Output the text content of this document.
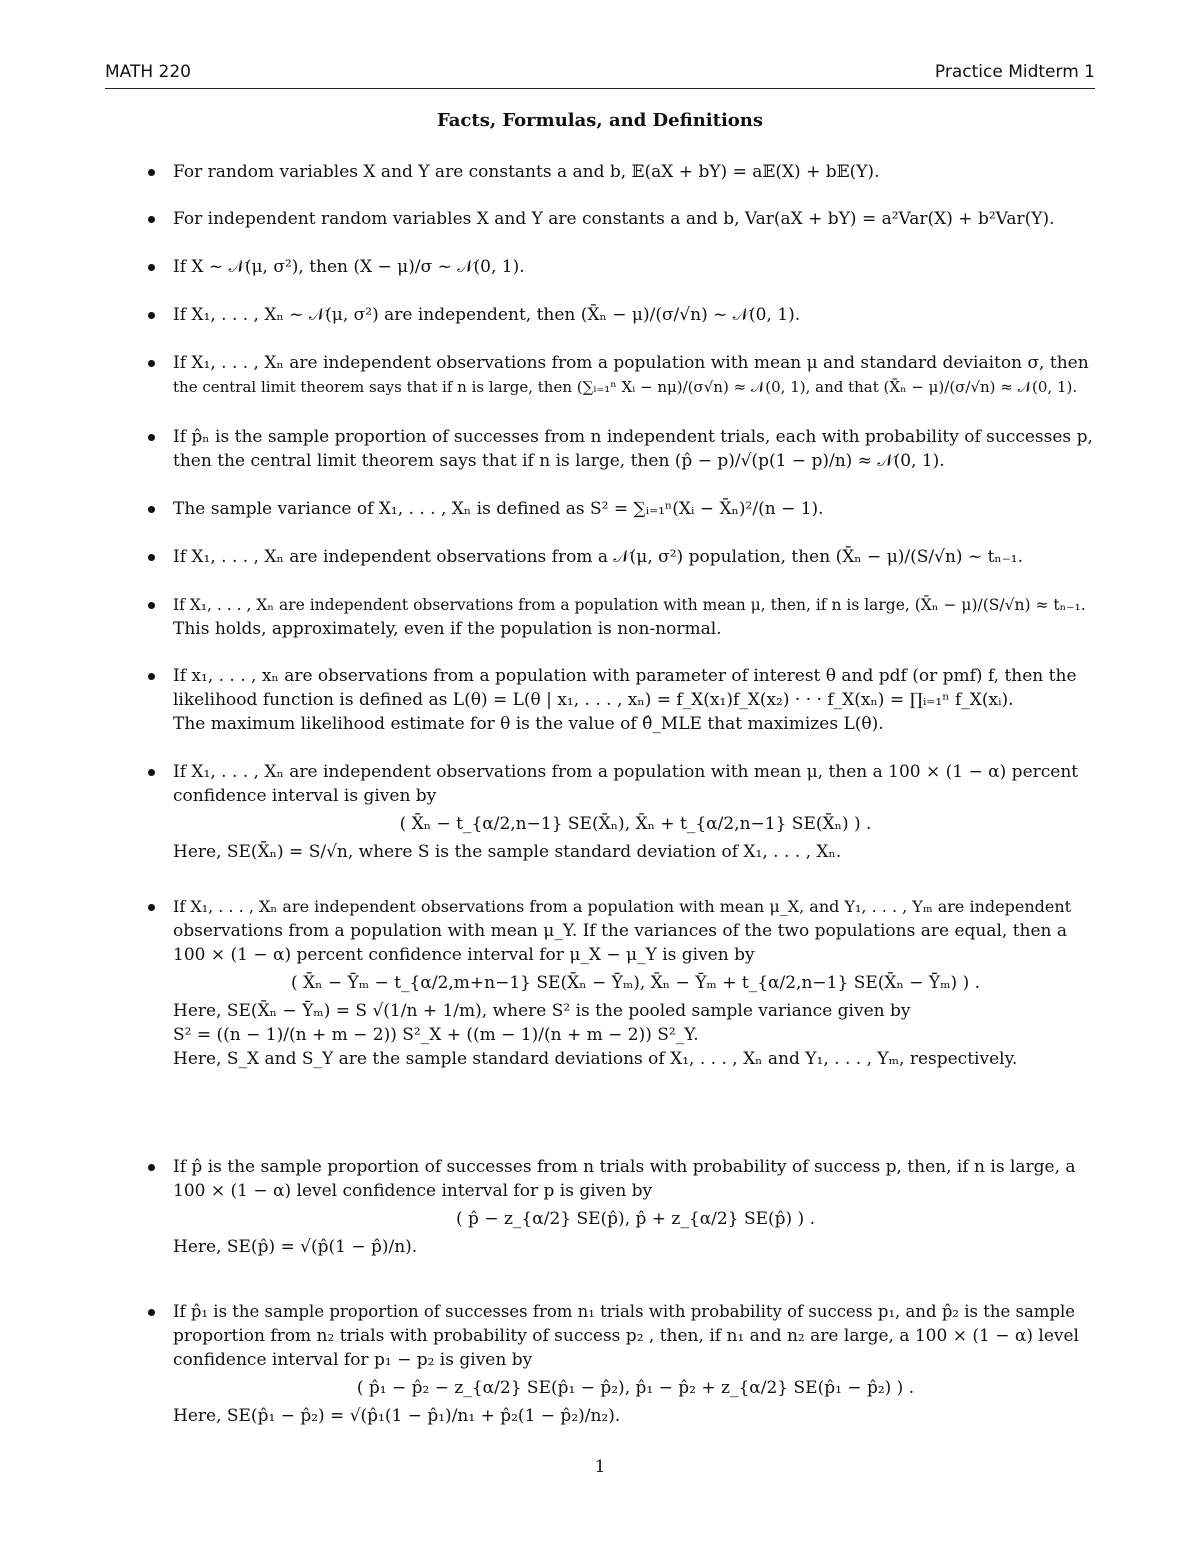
MATH 220	Practice Midterm 1
Facts, Formulas, and Definitions
For random variables X and Y are constants a and b, 𝔼(aX + bY) = a𝔼(X) + b𝔼(Y).
For independent random variables X and Y are constants a and b, Var(aX + bY) = a²Var(X) + b²Var(Y).
If X ~ 𝒩(μ, σ²), then (X − μ)/σ ~ 𝒩(0, 1).
If X₁, . . . , Xₙ ~ 𝒩(μ, σ²) are independent, then (X̄ₙ − μ)/(σ/√n) ~ 𝒩(0, 1).
If X₁, . . . , Xₙ are independent observations from a population with mean μ and standard deviaiton σ, then
the central limit theorem says that if n is large, then (∑ᵢ₌₁ⁿ Xᵢ − nμ)/(σ√n) ≈ 𝒩(0, 1), and that (X̄ₙ − μ)/(σ/√n) ≈ 𝒩(0, 1).
If p̂ₙ is the sample proportion of successes from n independent trials, each with probability of successes p,
then the central limit theorem says that if n is large, then (p̂ − p)/√(p(1 − p)/n) ≈ 𝒩(0, 1).
The sample variance of X₁, . . . , Xₙ is defined as S² = ∑ᵢ₌₁ⁿ(Xᵢ − X̄ₙ)²/(n − 1).
If X₁, . . . , Xₙ are independent observations from a 𝒩(μ, σ²) population, then (X̄ₙ − μ)/(S/√n) ~ tₙ₋₁.
If X₁, . . . , Xₙ are independent observations from a population with mean μ, then, if n is large, (X̄ₙ − μ)/(S/√n) ≈ tₙ₋₁.
This holds, approximately, even if the population is non-normal.
If x₁, . . . , xₙ are observations from a population with parameter of interest θ and pdf (or pmf) f, then the
likelihood function is defined as L(θ) = L(θ | x₁, . . . , xₙ) = f_X(x₁)f_X(x₂) · · · f_X(xₙ) = ∏ᵢ₌₁ⁿ f_X(xᵢ).
The maximum likelihood estimate for θ is the value of θ̂_MLE that maximizes L(θ).
If X₁, . . . , Xₙ are independent observations from a population with mean μ, then a 100 × (1 − α) percent
confidence interval is given by
( X̄ₙ − t_{α/2,n−1} SE(X̄ₙ), X̄ₙ + t_{α/2,n−1} SE(X̄ₙ) ) .
Here, SE(X̄ₙ) = S/√n, where S is the sample standard deviation of X₁, . . . , Xₙ.
If X₁, . . . , Xₙ are independent observations from a population with mean μ_X, and Y₁, . . . , Yₘ are independent
observations from a population with mean μ_Y. If the variances of the two populations are equal, then a
100 × (1 − α) percent confidence interval for μ_X − μ_Y is given by
( X̄ₙ − Ȳₘ − t_{α/2,m+n−1} SE(X̄ₙ − Ȳₘ), X̄ₙ − Ȳₘ + t_{α/2,n−1} SE(X̄ₙ − Ȳₘ) ) .
Here, SE(X̄ₙ − Ȳₘ) = S √(1/n + 1/m), where S² is the pooled sample variance given by
S² = ((n − 1)/(n + m − 2)) S²_X + ((m − 1)/(n + m − 2)) S²_Y.
Here, S_X and S_Y are the sample standard deviations of X₁, . . . , Xₙ and Y₁, . . . , Yₘ, respectively.
If p̂ is the sample proportion of successes from n trials with probability of success p, then, if n is large, a
100 × (1 − α) level confidence interval for p is given by
( p̂ − z_{α/2} SE(p̂), p̂ + z_{α/2} SE(p̂) ) .
Here, SE(p̂) = √(p̂(1 − p̂)/n).
If p̂₁ is the sample proportion of successes from n₁ trials with probability of success p₁, and p̂₂ is the sample
proportion from n₂ trials with probability of success p₂ , then, if n₁ and n₂ are large, a 100 × (1 − α) level
confidence interval for p₁ − p₂ is given by
( p̂₁ − p̂₂ − z_{α/2} SE(p̂₁ − p̂₂), p̂₁ − p̂₂ + z_{α/2} SE(p̂₁ − p̂₂) ) .
Here, SE(p̂₁ − p̂₂) = √(p̂₁(1 − p̂₁)/n₁ + p̂₂(1 − p̂₂)/n₂).
1
